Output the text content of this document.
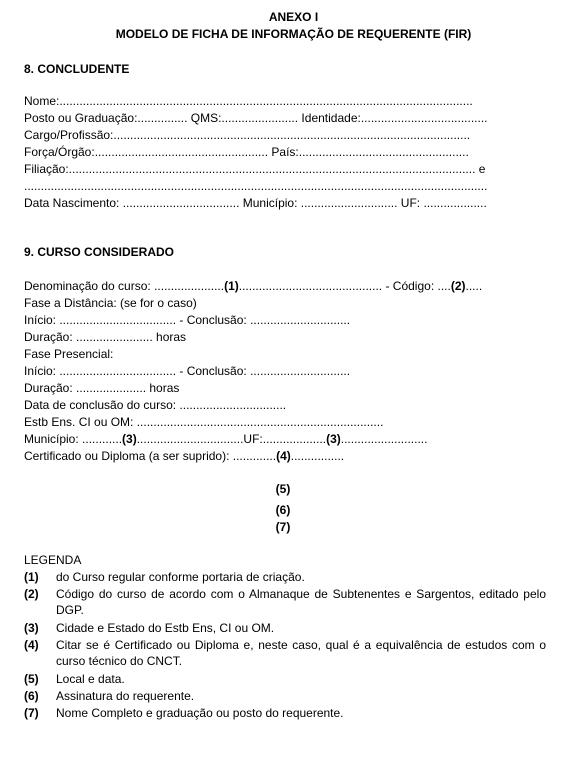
ANEXO I
MODELO DE FICHA DE INFORMAÇÃO DE REQUERENTE (FIR)
8. CONCLUDENTE
Nome:............................................................................................................................
Posto ou Graduação:............... QMS:....................... Identidade:......................................
Cargo/Profissão:...........................................................................................................
Força/Órgão:.................................................... País:...................................................
Filiação:.......................................................................................................................... e
...........................................................................................................................................
Data Nascimento: ................................... Município: ............................. UF: ...................
9. CURSO CONSIDERADO
Denominação do curso: .....................(1)........................................... - Código: ....(2).....
Fase a Distância: (se for o caso)
Início: ................................... - Conclusão: ..............................
Duração: ....................... horas
Fase Presencial:
Início: ................................... - Conclusão: ..............................
Duração: ..................... horas
Data de conclusão do curso: ................................
Estb Ens. CI ou OM: ..........................................................................
Município: ............(3)................................UF:...................(3)..........................
Certificado ou Diploma (a ser suprido): .............(4)................
(5)
(6)
(7)
LEGENDA
(1)	do Curso regular conforme portaria de criação.
(2)	Código do curso de acordo com o Almanaque de Subtenentes e Sargentos, editado pelo DGP.
(3)	Cidade e Estado do Estb Ens, CI ou OM.
(4)	Citar se é Certificado ou Diploma e, neste caso, qual é a equivalência de estudos com o curso técnico do CNCT.
(5)	Local e data.
(6)	Assinatura do requerente.
(7)	Nome Completo e graduação ou posto do requerente.
